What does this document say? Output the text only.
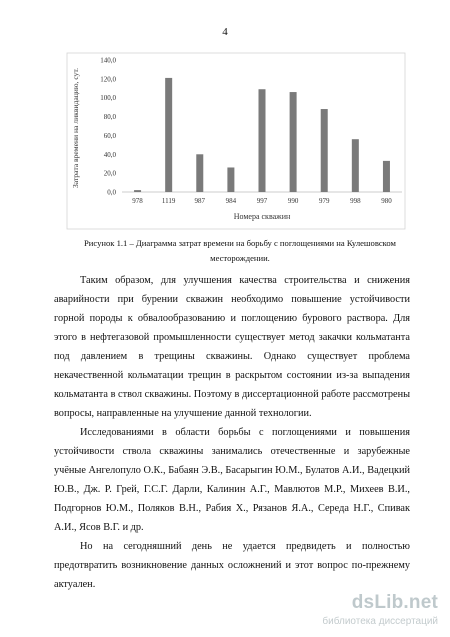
4
0,0
20,0
40,0
60,0
80,0
100,0
120,0
140,0
978	1119	987	984	997	990	979	998	980
Номера скважин
Затрата времени на ликвидацию, сут.
Рисунок 1.1 – Диаграмма затрат времени на борьбу с поглощениями на Кулешовском месторождении.

Таким образом, для улучшения качества строительства и снижения аварийности при бурении скважин необходимо повышение устойчивости горной породы к обвалообразованию и поглощению бурового раствора. Для этого в нефтегазовой промышленности существует метод закачки кольматанта под давлением в трещины скважины. Однако существует проблема некачественной кольматации трещин в раскрытом состоянии из-за выпадения кольматанта в ствол скважины. Поэтому в диссертационной работе рассмотрены вопросы, направленные на улучшение данной технологии.

Исследованиями в области борьбы с поглощениями и повышения устойчивости ствола скважины занимались отечественные и зарубежные учёные Ангелопуло О.К., Бабаян Э.В., Басарыгин Ю.М., Булатов А.И., Вадецкий Ю.В., Дж. Р. Грей, Г.С.Г. Дарли, Калинин А.Г., Мавлютов М.Р., Михеев В.И., Подгорнов Ю.М., Поляков В.Н., Рабия Х., Рязанов Я.А., Середа Н.Г., Спивак А.И., Ясов В.Г. и др.

Но на сегодняшний день не удается предвидеть и полностью предотвратить возникновение данных осложнений и этот вопрос по-прежнему актуален.

dsLib.net
библиотека диссертаций
